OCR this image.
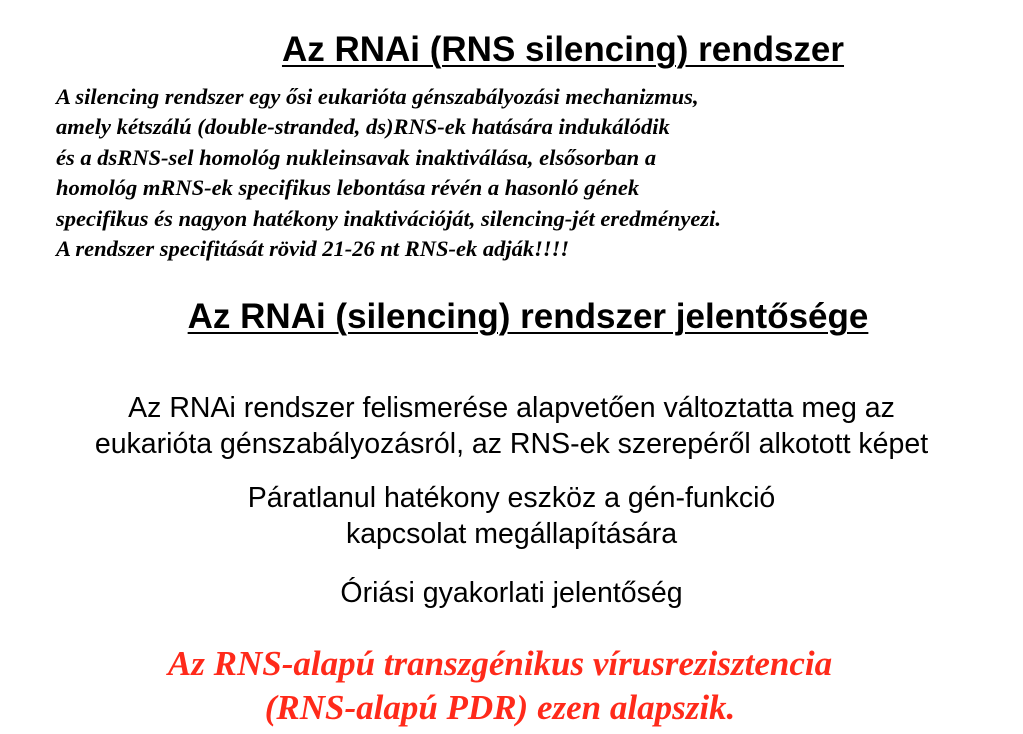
Az RNAi (RNS silencing) rendszer
A silencing rendszer egy ősi eukarióta génszabályozási mechanizmus,
amely kétszálú (double-stranded, ds)RNS-ek hatására indukálódik
és a dsRNS-sel homológ nukleinsavak inaktiválása, elsősorban a
homológ mRNS-ek specifikus lebontása révén a hasonló gének
specifikus és nagyon hatékony inaktivációját, silencing-jét eredményezi.
A rendszer specifitását rövid 21-26 nt RNS-ek adják!!!!
Az RNAi (silencing) rendszer jelentősége
Az RNAi rendszer felismerése alapvetően változtatta meg az
eukarióta génszabályozásról, az RNS-ek szerepéről alkotott képet
Páratlanul hatékony eszköz a gén-funkció
kapcsolat megállapítására
Óriási gyakorlati jelentőség
Az RNS-alapú transzgénikus vírusrezisztencia
(RNS-alapú PDR) ezen alapszik.
